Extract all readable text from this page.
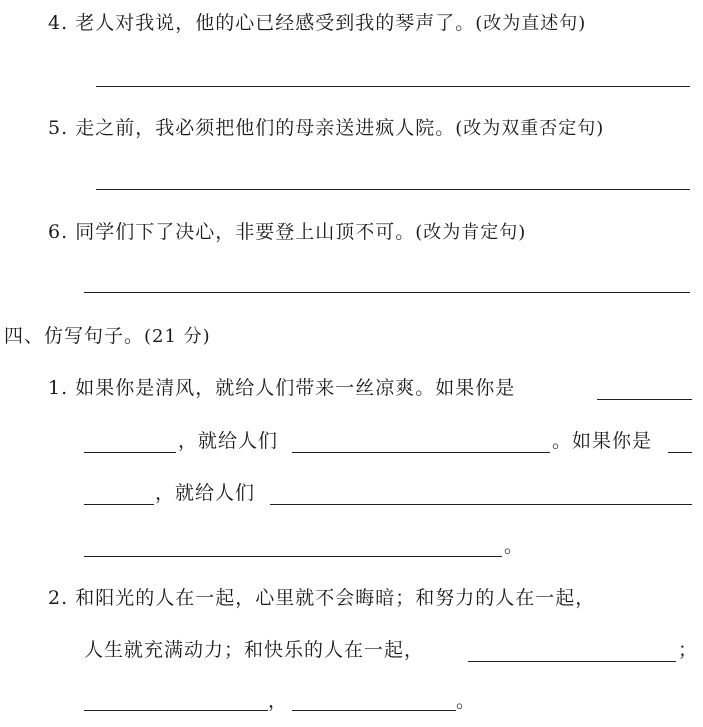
4. 老人对我说，他的心已经感受到我的琴声了。(改为直述句)
5. 走之前，我必须把他们的母亲送进疯人院。(改为双重否定句)
6. 同学们下了决心，非要登上山顶不可。(改为肯定句)
四、仿写句子。(21 分)
1. 如果你是清风，就给人们带来一丝凉爽。如果你是
，就给人们	。如果你是
，就给人们
。
2. 和阳光的人在一起，心里就不会晦暗；和努力的人在一起，
人生就充满动力；和快乐的人在一起，	；
，	。
